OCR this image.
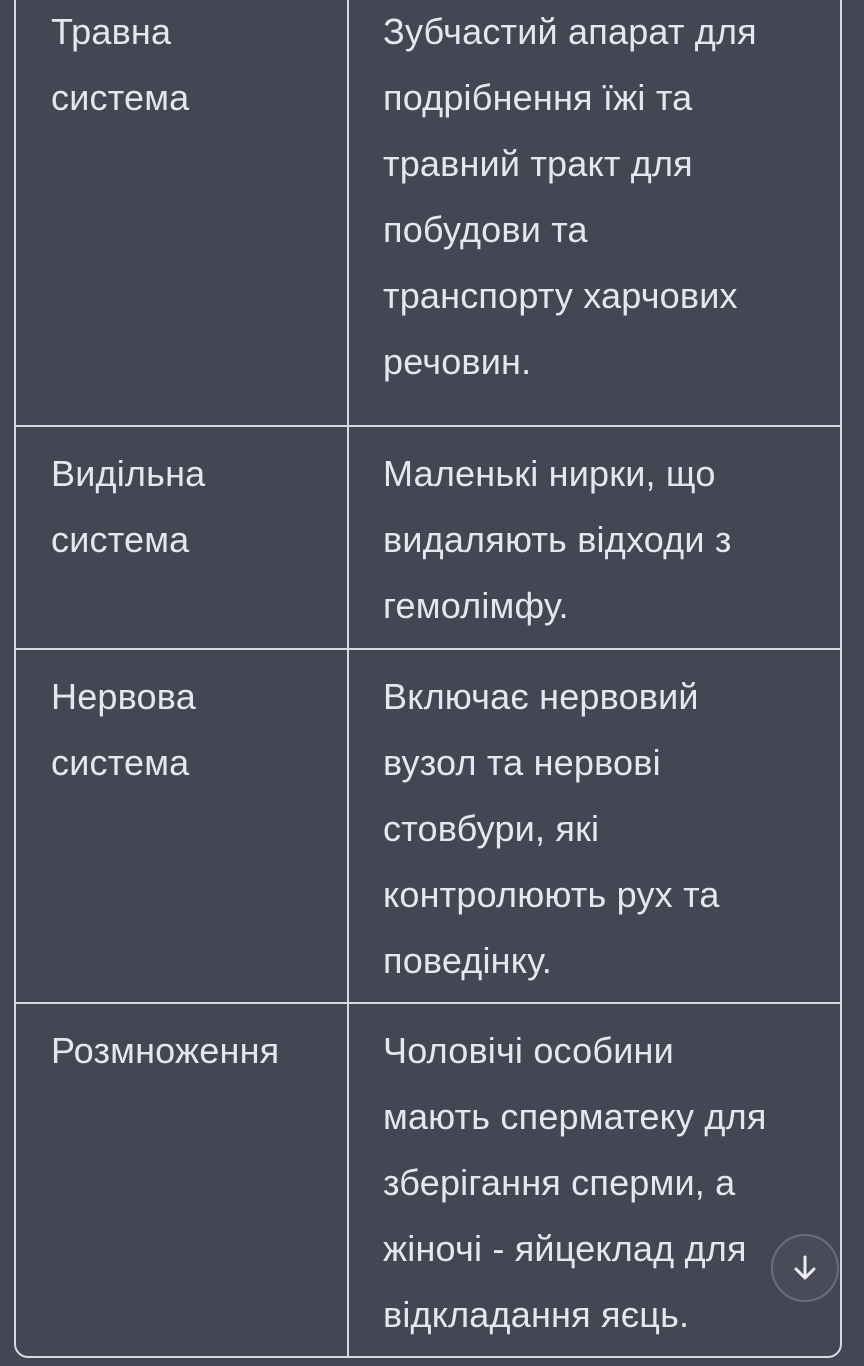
Травна
система
Зубчастий апарат для
подрібнення їжі та
травний тракт для
побудови та
транспорту харчових
речовин.
Видільна
система
Маленькі нирки, що
видаляють відходи з
гемолімфу.
Нервова
система
Включає нервовий
вузол та нервові
стовбури, які
контролюють рух та
поведінку.
Розмноження	Чоловічі особини
мають сперматеку для
зберігання сперми, а
жіночі - яйцеклад для
відкладання яєць.
